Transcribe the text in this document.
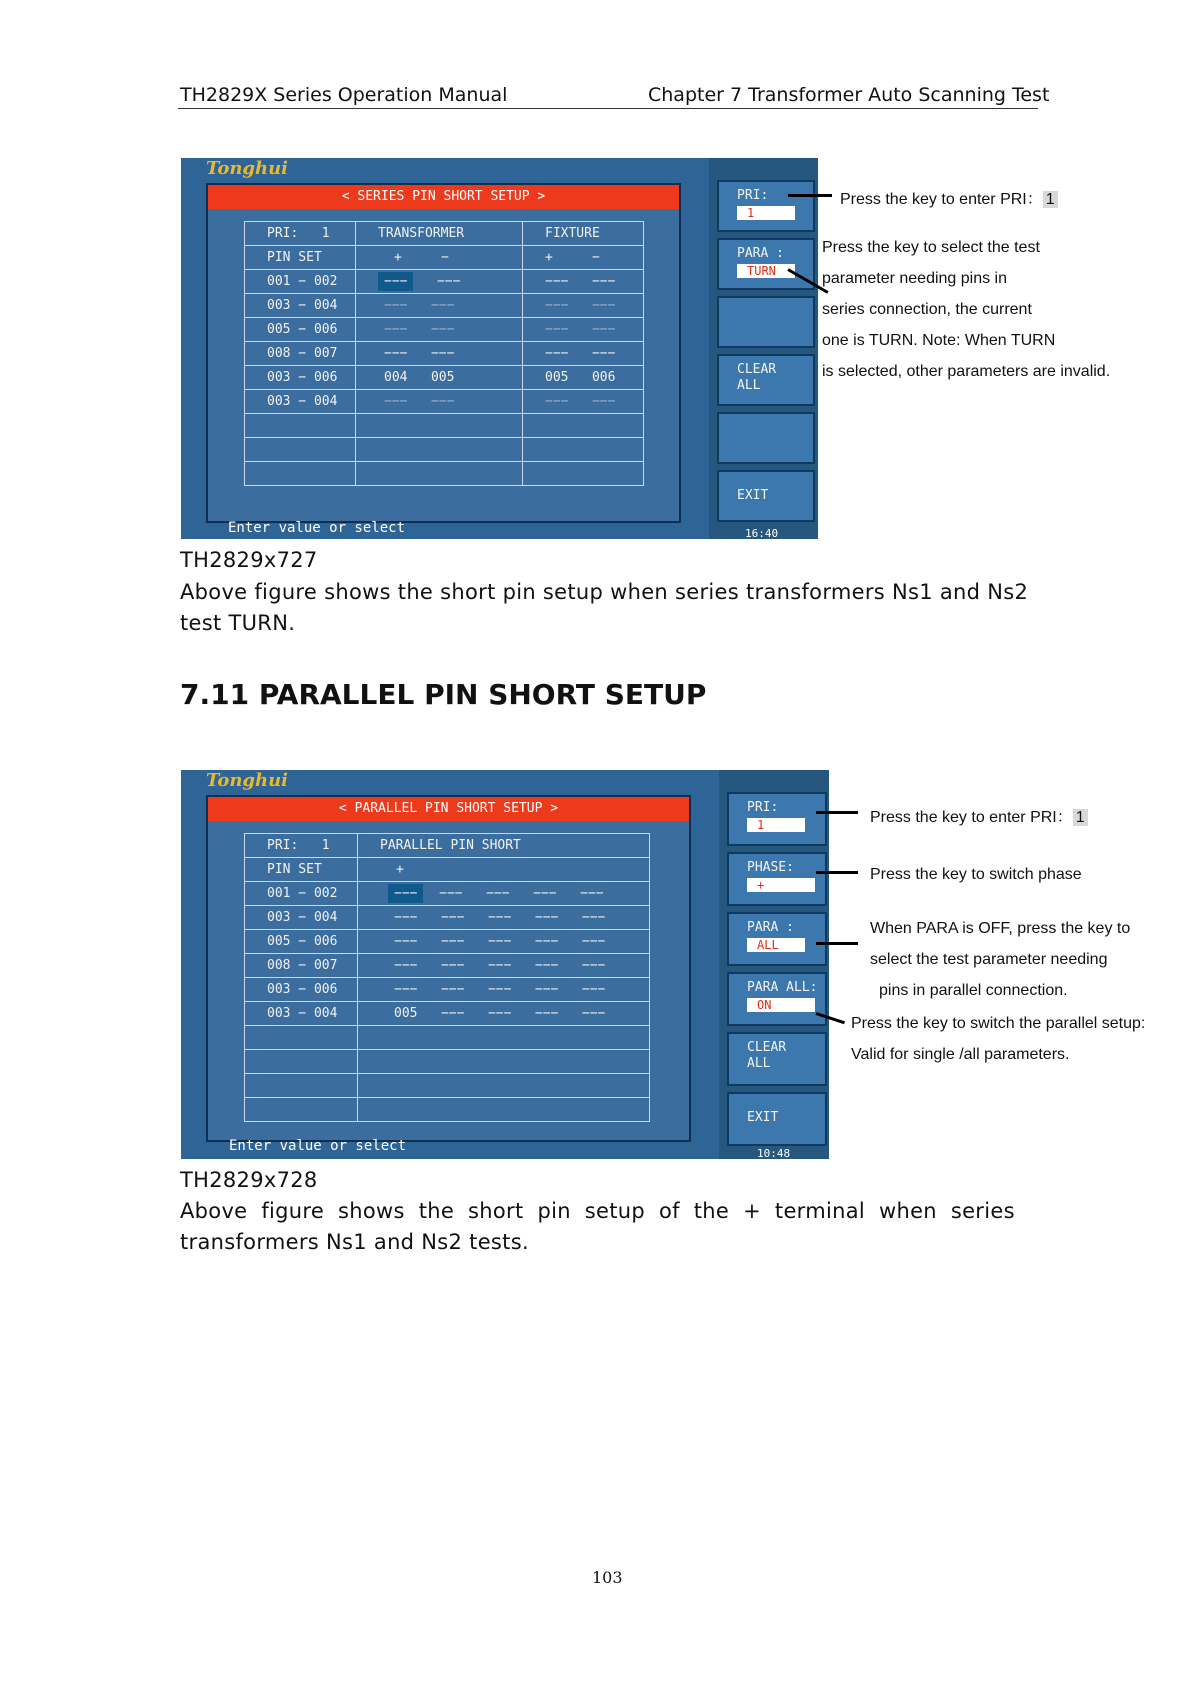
TH2829X Series Operation Manual	Chapter 7 Transformer Auto Scanning Test
Tonghui
< SERIES PIN SHORT SETUP >
PRI: 1	TRANSFORMER	FIXTURE
PIN SET	+ −	+ −
001 − 002	−−− −−−	−−− −−−
003 − 004	−−− −−−	−−− −−−
005 − 006	−−− −−−	−−− −−−
008 − 007	−−− −−−	−−− −−−
003 − 006	004 005	005 006
003 − 004	−−− −−−	−−− −−−

Enter value or select
PRI:
1
PARA :
TURN
CLEAR
ALL
EXIT
16:40
Press the key to enter PRI： 1
Press the key to select the test
parameter needing pins in
series connection, the current
one is TURN. Note: When TURN
is selected, other parameters are invalid.
TH2829x727
Above figure shows the short pin setup when series transformers Ns1 and Ns2
test TURN.
7.11 PARALLEL PIN SHORT SETUP
Tonghui
< PARALLEL PIN SHORT SETUP >
PRI: 1	PARALLEL PIN SHORT
PIN SET	+
001 − 002	−−− −−− −−− −−− −−−
003 − 004	−−− −−− −−− −−− −−−
005 − 006	−−− −−− −−− −−− −−−
008 − 007	−−− −−− −−− −−− −−−
003 − 006	−−− −−− −−− −−− −−−
003 − 004	005 −−− −−− −−− −−−

Enter value or select
PRI:
1
PHASE:
+
PARA :
ALL
PARA ALL:
ON
CLEAR
ALL
EXIT
10:48
Press the key to enter PRI： 1
Press the key to switch phase
When PARA is OFF, press the key to
select the test parameter needing
pins in parallel connection.
Press the key to switch the parallel setup:
Valid for single /all parameters.
TH2829x728
Above  figure  shows  the  short  pin  setup  of  the  +  terminal  when  series
transformers Ns1 and Ns2 tests.
103
